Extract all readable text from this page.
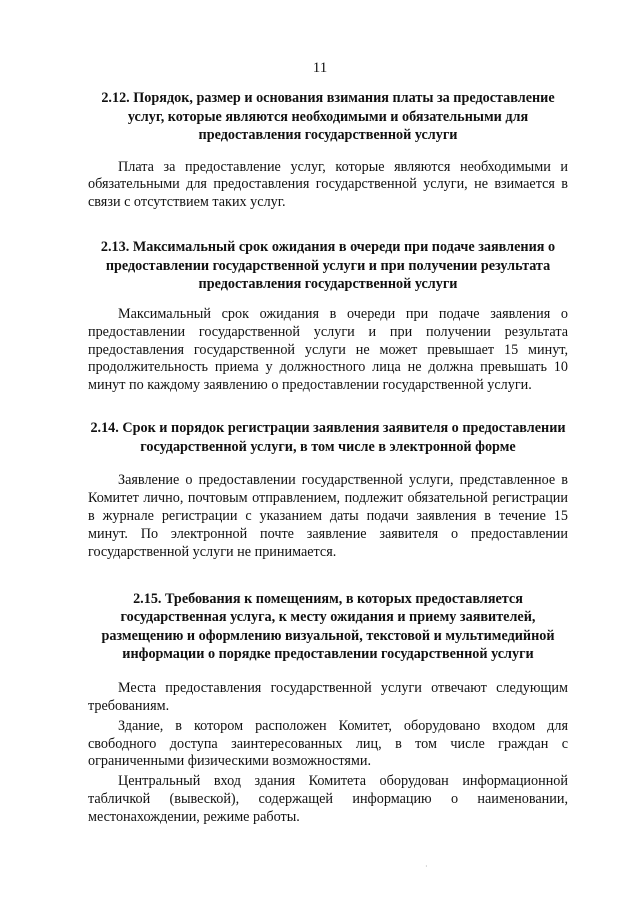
11
2.12. Порядок, размер и основания взимания платы за предоставление услуг, которые являются необходимыми и обязательными для предоставления государственной услуги

Плата за предоставление услуг, которые являются необходимыми и обязательными для предоставления государственной услуги, не взимается в связи с отсутствием таких услуг.

2.13. Максимальный срок ожидания в очереди при подаче заявления о предоставлении государственной услуги и при получении результата предоставления государственной услуги

Максимальный срок ожидания в очереди при подаче заявления о предоставлении государственной услуги и при получении результата предоставления государственной услуги не может превышает 15 минут, продолжительность приема у должностного лица не должна превышать 10 минут по каждому заявлению о предоставлении государственной услуги.

2.14. Срок и порядок регистрации заявления заявителя о предоставлении государственной услуги, в том числе в электронной форме

Заявление о предоставлении государственной услуги, представленное в Комитет лично, почтовым отправлением, подлежит обязательной регистрации в журнале регистрации с указанием даты подачи заявления в течение 15 минут. По электронной почте заявление заявителя о предоставлении государственной услуги не принимается.

2.15. Требования к помещениям, в которых предоставляется государственная услуга, к месту ожидания и приему заявителей, размещению и оформлению визуальной, текстовой и мультимедийной информации о порядке предоставлении государственной услуги

Места предоставления государственной услуги отвечают следующим требованиям.

Здание, в котором расположен Комитет, оборудовано входом для свободного доступа заинтересованных лиц, в том числе граждан с ограниченными физическими возможностями.

Центральный вход здания Комитета оборудован информационной табличкой (вывеской), содержащей информацию о наименовании, местонахождении, режиме работы.

·
